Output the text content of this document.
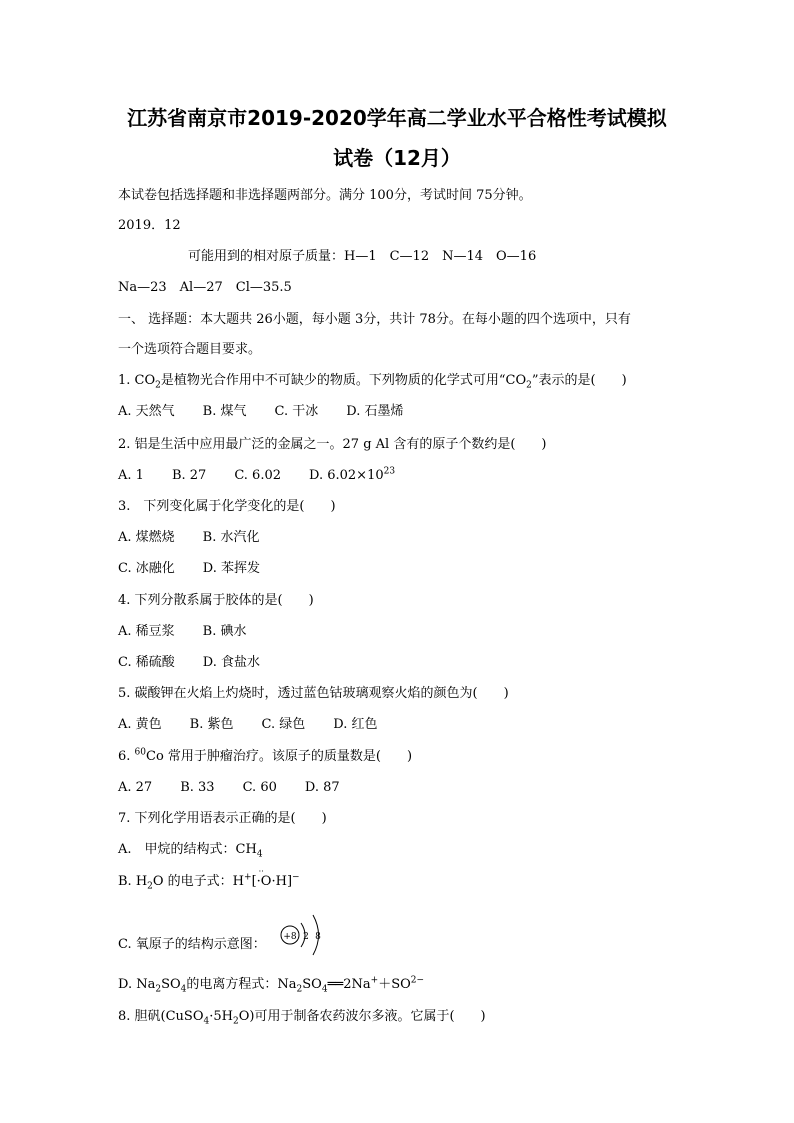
江苏省南京市2019-2020学年高二学业水平合格性考试模拟
试卷（12月）
本试卷包括选择题和非选择题两部分。满分 100分，考试时间 75分钟。
2019．12
可能用到的相对原子质量：H—1　C—12　N—14　O—16
Na—23　Al—27　Cl—35.5
一、 选择题：本大题共 26小题，每小题 3分，共计 78分。在每小题的四个选项中，只有
一个选项符合题目要求。
1. $CO_2$是植物光合作用中不可缺少的物质。下列物质的化学式可用“$CO_2$”表示的是(　　)
A. 天然气 B. 煤气 C. 干冰 D. 石墨烯
2. 铝是生活中应用最广泛的金属之一。27 g Al 含有的原子个数约是(　　)
A. 1 B. 27 C. 6.02 D. $6.02\times 10^{23}$
3.　下列变化属于化学变化的是(　　)
A. 煤燃烧 B. 水汽化
C. 冰融化 D. 苯挥发
4. 下列分散系属于胶体的是(　　)
A. 稀豆浆 B. 碘水
C. 稀硫酸 D. 食盐水
5. 碳酸钾在火焰上灼烧时，透过蓝色钴玻璃观察火焰的颜色为(　　)
A. 黄色 B. 紫色 C. 绿色 D. 红色
6. $^{60}$Co 常用于肿瘤治疗。该原子的质量数是(　　)
A. 27 B. 33 C. 60 D. 87
7. 下列化学用语表示正确的是(　　)
A.　甲烷的结构式：$CH_4$
B. $H_2O$ 的电子式：H+[
··
·O·H]−
C. 氧原子的结构示意图： +8 2 8
D. $Na_2SO_4$的电离方程式：$Na_2SO_4══2Na^++SO^{2-}$
8. 胆矾$(CuSO_4\cdot 5H_2O)$可用于制备农药波尔多液。它属于(　　)
